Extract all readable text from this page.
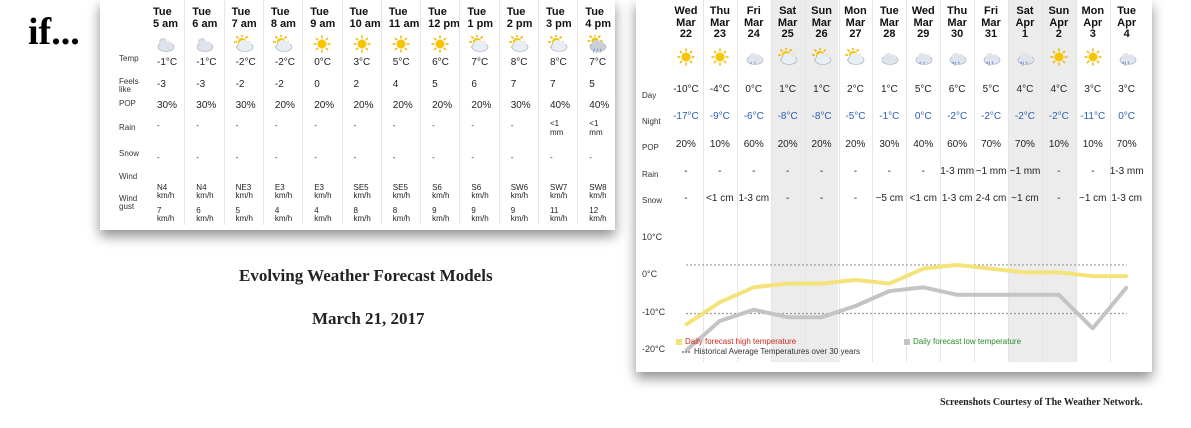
if...
Temp
Feels like
POP
Rain
Snow
Wind
Wind gust
Tue
5 am
-1°C
-3
30%
-
-
N4
km/h
7
km/h
Tue
6 am
-1°C
-3
30%
-
-
N4
km/h
6
km/h
Tue
7 am
-2°C
-2
30%
-
-
NE3
km/h
5
km/h
Tue
8 am
-2°C
-2
20%
-
-
E3
km/h
4
km/h
Tue
9 am
0°C
0
20%
-
-
E3
km/h
4
km/h
Tue
10 am
3°C
2
20%
-
-
SE5
km/h
8
km/h
Tue
11 am
5°C
4
20%
-
-
SE5
km/h
8
km/h
Tue
12 pm
6°C
5
20%
-
-
S6
km/h
9
km/h
Tue
1 pm
7°C
6
20%
-
-
S6
km/h
9
km/h
Tue
2 pm
8°C
7
30%
-
-
SW6
km/h
9
km/h
Tue
3 pm
8°C
7
40%
<1
mm
-
SW7
km/h
11
km/h
Tue
4 pm
/ / /
7°C
5
40%
<1
mm
-
SW8
km/h
12
km/h
Day
Night
POP
Rain
Snow
Wed
Mar
22
-10°C
-17°C
20%
-
-
Thu
Mar
23
-4°C
-9°C
10%
-
<1 cm
Fri
Mar
24
* *
0°C
-6°C
60%
-
1-3 cm
Sat
Mar
25
1°C
-8°C
20%
-
-
Sun
Mar
26
1°C
-8°C
20%
-
-
Mon
Mar
27
2°C
-5°C
20%
-
-
Tue
Mar
28
1°C
-1°C
30%
-
~5 cm
Wed
Mar
29
* *
5°C
0°C
40%
-
<1 cm
Thu
Mar
30
*/ *
6°C
-2°C
60%
1-3 mm
1-3 cm
Fri
Mar
31
*/ *
5°C
-2°C
70%
~1 mm
2-4 cm
Sat
Apr
1
*/ *
4°C
-2°C
70%
~1 mm
~1 cm
Sun
Apr
2
4°C
-2°C
10%
-
-
Mon
Apr
3
3°C
-11°C
10%
-
~1 cm
Tue
Apr
4
*/ *
3°C
0°C
70%
1-3 mm
1-3 cm
10°C
0°C
-10°C
-20°C
Daily forecast high temperature	Daily forecast low temperature
Historical Average Temperatures over 30 years
Evolving Weather Forecast Models
March 21, 2017
Screenshots Courtesy of The Weather Network.
